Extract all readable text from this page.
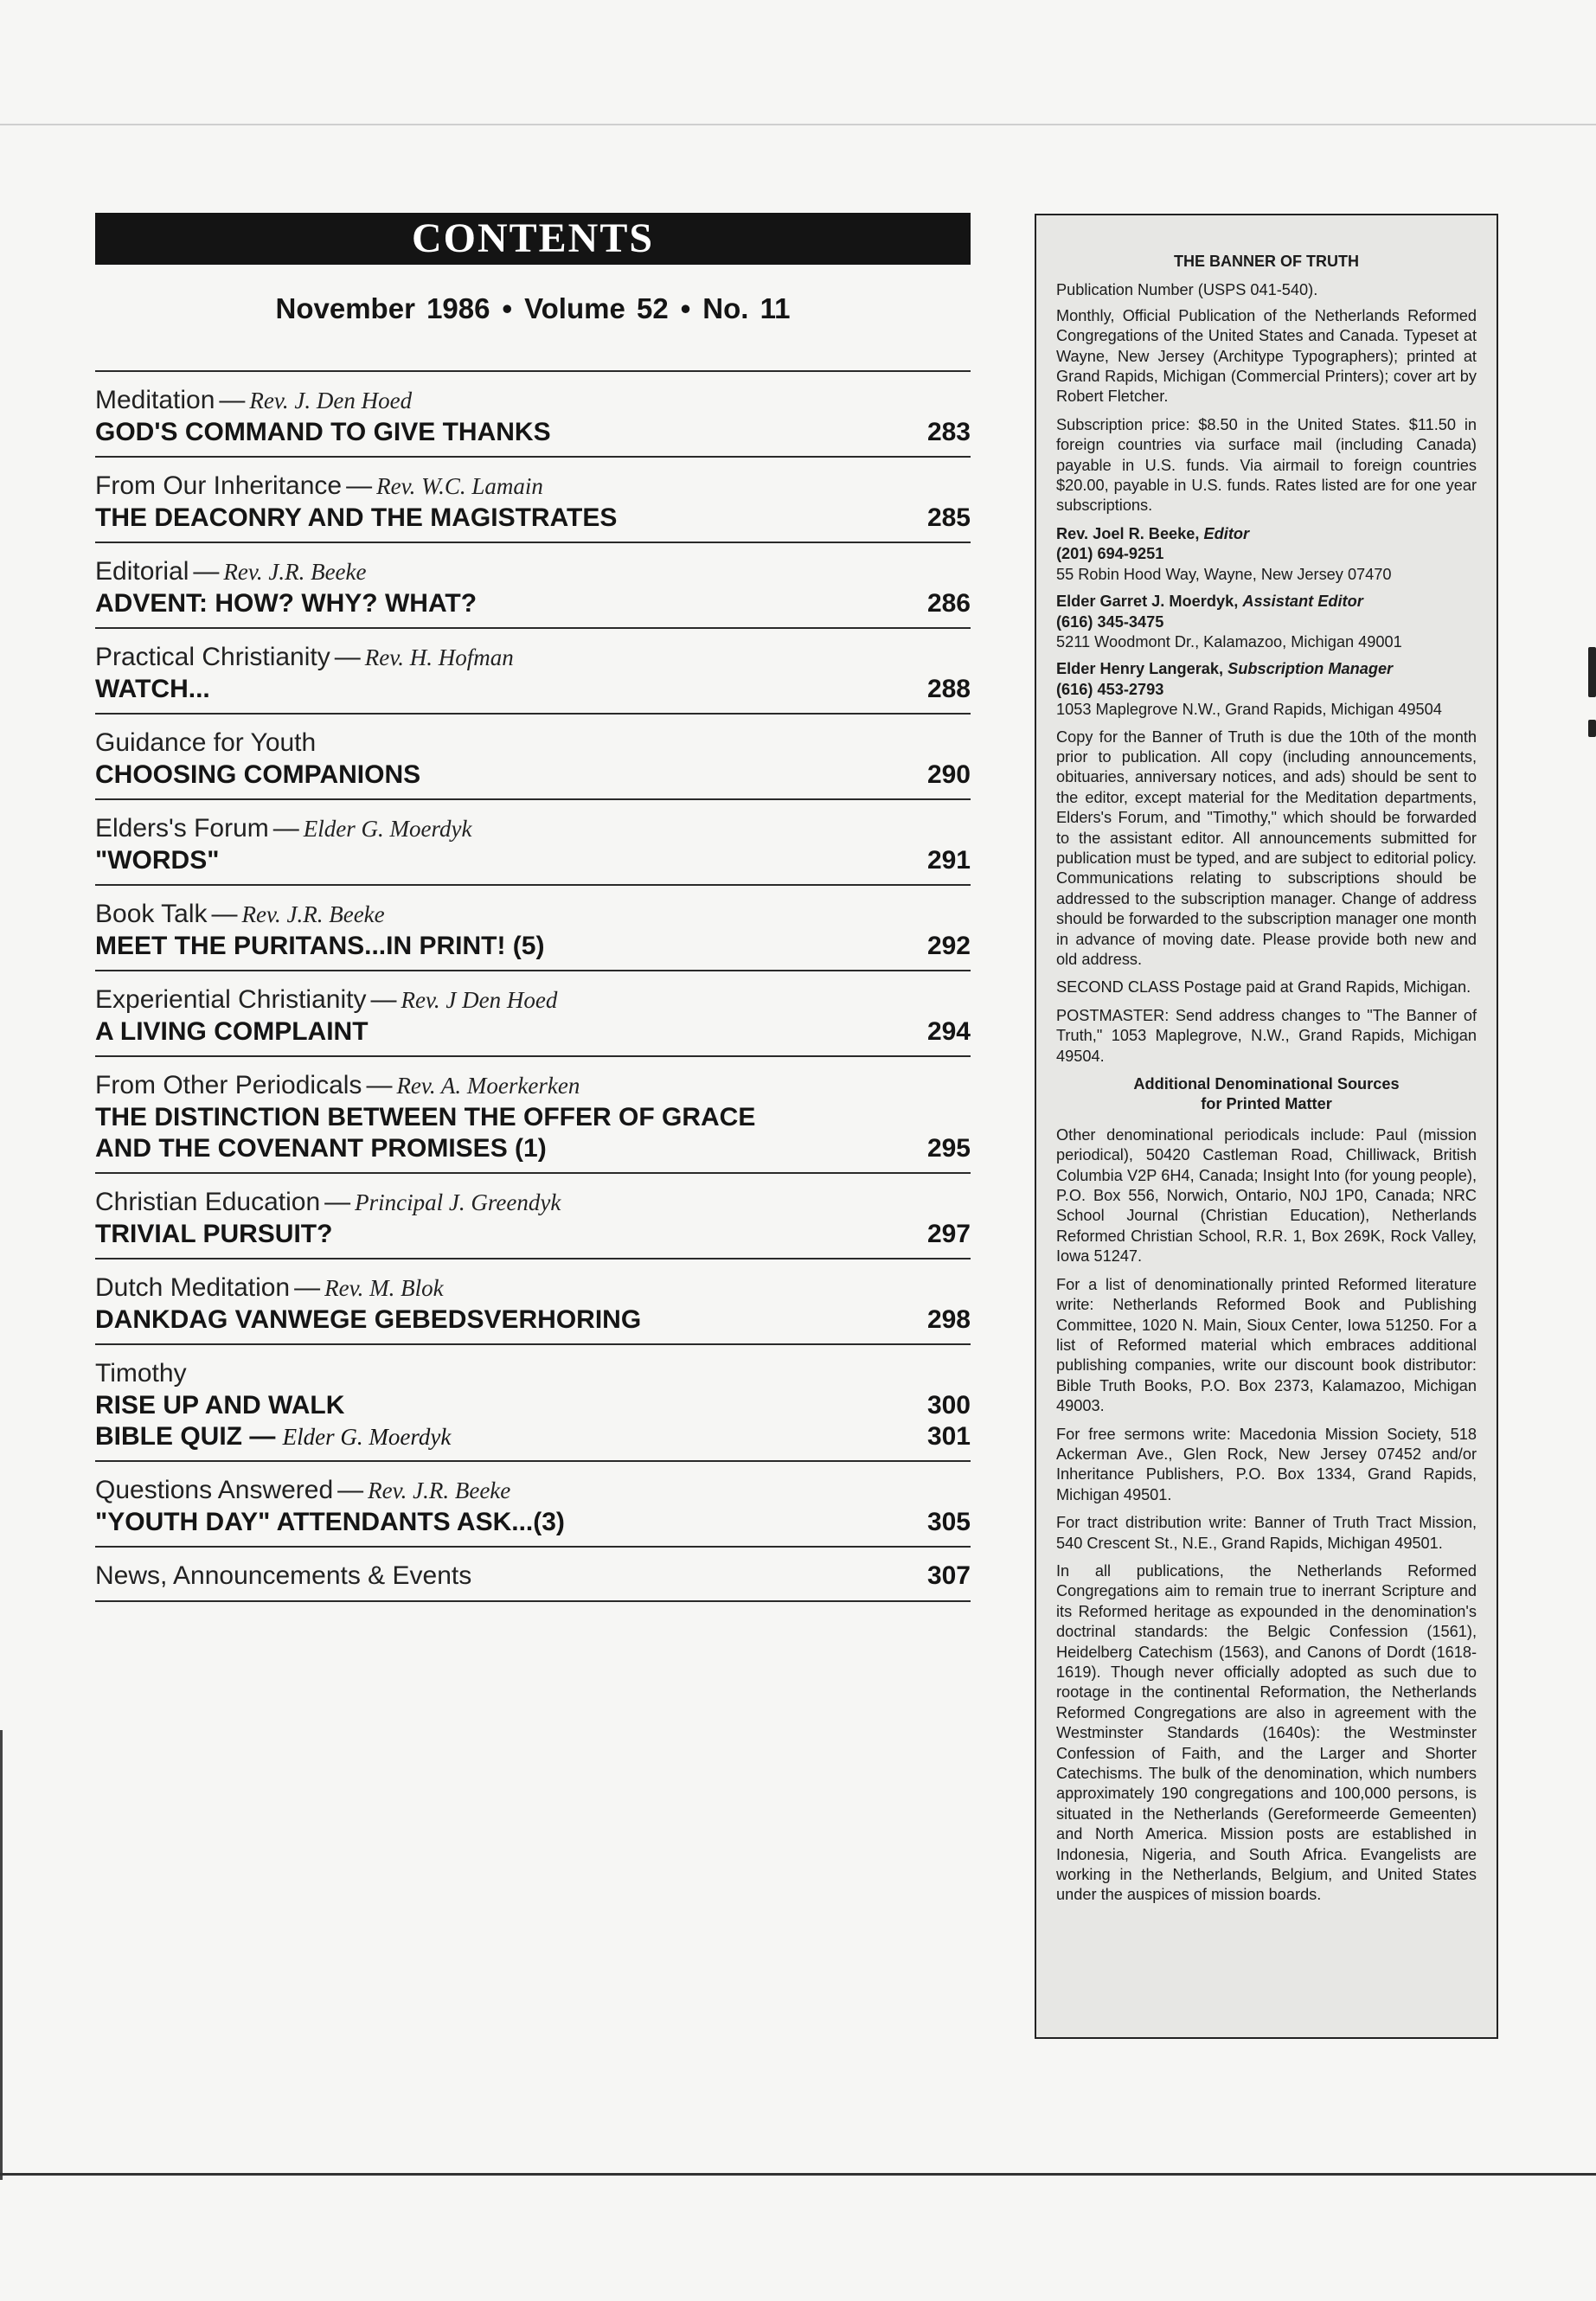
CONTENTS
November 1986 • Volume 52 • No. 11
Meditation — Rev. J. Den Hoed
GOD'S COMMAND TO GIVE THANKS	283
From Our Inheritance — Rev. W.C. Lamain
THE DEACONRY AND THE MAGISTRATES	285
Editorial — Rev. J.R. Beeke
ADVENT: HOW? WHY? WHAT?	286
Practical Christianity — Rev. H. Hofman
WATCH...	288
Guidance for Youth
CHOOSING COMPANIONS	290
Elders's Forum — Elder G. Moerdyk
"WORDS"	291
Book Talk — Rev. J.R. Beeke
MEET THE PURITANS...IN PRINT! (5)	292
Experiential Christianity — Rev. J Den Hoed
A LIVING COMPLAINT	294
From Other Periodicals — Rev. A. Moerkerken
THE DISTINCTION BETWEEN THE OFFER OF GRACE
AND THE COVENANT PROMISES (1)	295
Christian Education — Principal J. Greendyk
TRIVIAL PURSUIT?	297
Dutch Meditation — Rev. M. Blok
DANKDAG VANWEGE GEBEDSVERHORING	298
Timothy
RISE UP AND WALK	300
BIBLE QUIZ — Elder G. Moerdyk	301
Questions Answered — Rev. J.R. Beeke
"YOUTH DAY" ATTENDANTS ASK...(3)	305
News, Announcements & Events	307

THE BANNER OF TRUTH

Publication Number (USPS 041-540).

Monthly, Official Publication of the Netherlands Reformed Congregations of the United States and Canada. Typeset at Wayne, New Jersey (Architype Typographers); printed at Grand Rapids, Michigan (Commercial Printers); cover art by Robert Fletcher.

Subscription price: $8.50 in the United States. $11.50 in foreign countries via surface mail (including Canada) payable in U.S. funds. Via airmail to foreign countries $20.00, payable in U.S. funds. Rates listed are for one year subscriptions.

Rev. Joel R. Beeke, Editor
(201) 694-9251
55 Robin Hood Way, Wayne, New Jersey 07470
Elder Garret J. Moerdyk, Assistant Editor
(616) 345-3475
5211 Woodmont Dr., Kalamazoo, Michigan 49001
Elder Henry Langerak, Subscription Manager
(616) 453-2793
1053 Maplegrove N.W., Grand Rapids, Michigan 49504

Copy for the Banner of Truth is due the 10th of the month prior to publication. All copy (including announcements, obituaries, anniversary notices, and ads) should be sent to the editor, except material for the Meditation departments, Elders's Forum, and "Timothy," which should be forwarded to the assistant editor. All announcements submitted for publication must be typed, and are subject to editorial policy. Communications relating to subscriptions should be addressed to the subscription manager. Change of address should be forwarded to the subscription manager one month in advance of moving date. Please provide both new and old address.

SECOND CLASS Postage paid at Grand Rapids, Michigan.

POSTMASTER: Send address changes to "The Banner of Truth," 1053 Maplegrove, N.W., Grand Rapids, Michigan 49504.

Additional Denominational Sources

for Printed Matter

Other denominational periodicals include: Paul (mission periodical), 50420 Castleman Road, Chilliwack, British Columbia V2P 6H4, Canada; Insight Into (for young people), P.O. Box 556, Norwich, Ontario, N0J 1P0, Canada; NRC School Journal (Christian Education), Netherlands Reformed Christian School, R.R. 1, Box 269K, Rock Valley, Iowa 51247.

For a list of denominationally printed Reformed literature write: Netherlands Reformed Book and Publishing Committee, 1020 N. Main, Sioux Center, Iowa 51250. For a list of Reformed material which embraces additional publishing companies, write our discount book distributor: Bible Truth Books, P.O. Box 2373, Kalamazoo, Michigan 49003.

For free sermons write: Macedonia Mission Society, 518 Ackerman Ave., Glen Rock, New Jersey 07452 and/or Inheritance Publishers, P.O. Box 1334, Grand Rapids, Michigan 49501.

For tract distribution write: Banner of Truth Tract Mission, 540 Crescent St., N.E., Grand Rapids, Michigan 49501.

In all publications, the Netherlands Reformed Congregations aim to remain true to inerrant Scripture and its Reformed heritage as expounded in the denomination's doctrinal standards: the Belgic Confession (1561), Heidelberg Catechism (1563), and Canons of Dordt (1618-1619). Though never officially adopted as such due to rootage in the continental Reformation, the Netherlands Reformed Congregations are also in agreement with the Westminster Standards (1640s): the Westminster Confession of Faith, and the Larger and Shorter Catechisms. The bulk of the denomination, which numbers approximately 190 congregations and 100,000 persons, is situated in the Netherlands (Gereformeerde Gemeenten) and North America. Mission posts are established in Indonesia, Nigeria, and South Africa. Evangelists are working in the Netherlands, Belgium, and United States under the auspices of mission boards.
